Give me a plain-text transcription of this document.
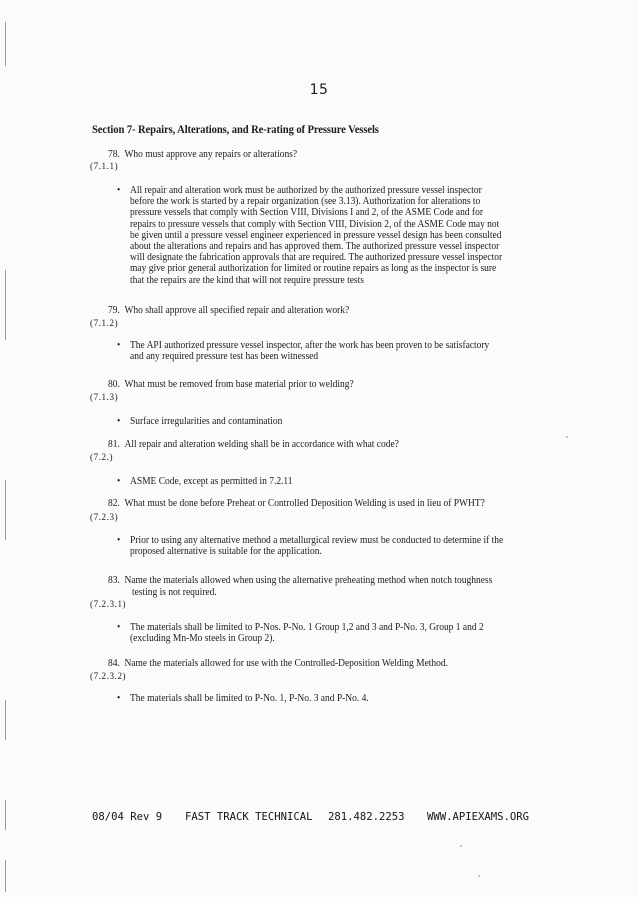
15
Section 7- Repairs, Alterations, and Re-rating of Pressure Vessels
78. Who must approve any repairs or alterations?
(7.1.1)
• All repair and alteration work must be authorized by the authorized pressure vessel inspector
before the work is started by a repair organization (see 3.13). Authorization for alterations to
pressure vessels that comply with Section VIII, Divisions I and 2, of the ASME Code and for
repairs to pressure vessels that comply with Section VIII, Division 2, of the ASME Code may not
be given until a pressure vessel engineer experienced in pressure vessel design has been consulted
about the alterations and repairs and has approved them. The authorized pressure vessel inspector
will designate the fabrication approvals that are required. The authorized pressure vessel inspector
may give prior general authorization for limited or routine repairs as long as the inspector is sure
that the repairs are the kind that will not require pressure tests
79. Who shall approve all specified repair and alteration work?
(7.1.2)
• The API authorized pressure vessel inspector, after the work has been proven to be satisfactory
and any required pressure test has been witnessed
80. What must be removed from base material prior to welding?
(7.1.3)
• Surface irregularities and contamination
81. All repair and alteration welding shall be in accordance with what code?
(7.2.)
• ASME Code, except as permitted in 7.2.11
82. What must be done before Preheat or Controlled Deposition Welding is used in lieu of PWHT?
(7.2.3)
• Prior to using any alternative method a metallurgical review must be conducted to determine if the
proposed alternative is suitable for the application.
83. Name the materials allowed when using the alternative preheating method when notch toughness
testing is not required.
(7.2.3.1)
• The materials shall be limited to P-Nos. P-No. 1 Group 1,2 and 3 and P-No. 3, Group 1 and 2
(excluding Mn-Mo steels in Group 2).
84. Name the materials allowed for use with the Controlled-Deposition Welding Method.
(7.2.3.2)
• The materials shall be limited to P-No. 1, P-No. 3 and P-No. 4.
08/04 Rev 9 FAST TRACK TECHNICAL 281.482.2253 WWW.APIEXAMS.ORG
